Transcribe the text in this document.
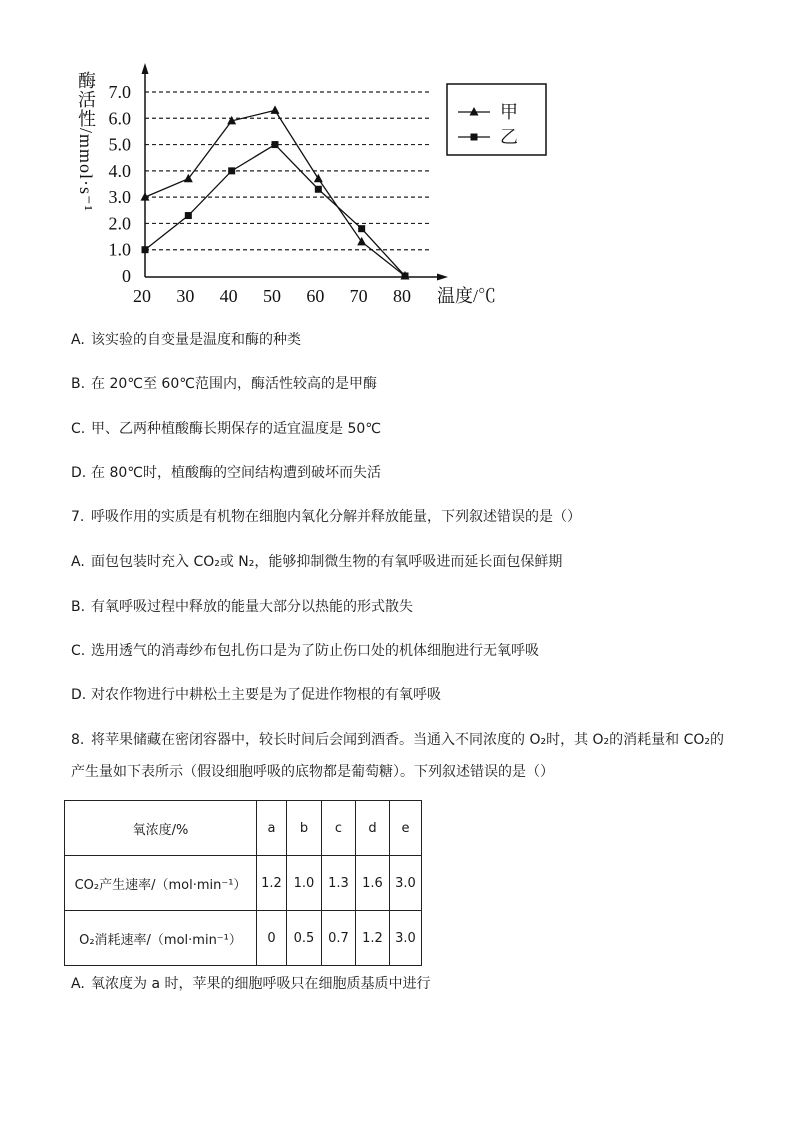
0
1.0
2.0
3.0
4.0
5.0
6.0
7.0
20 30 40 50 60 70 80 温度/℃
甲
乙
酶活性/mmol·s⁻¹
A. 该实验的自变量是温度和酶的种类
B. 在 20℃至 60℃范围内，酶活性较高的是甲酶
C. 甲、乙两种植酸酶长期保存的适宜温度是 50℃
D. 在 80℃时，植酸酶的空间结构遭到破坏而失活
7. 呼吸作用的实质是有机物在细胞内氧化分解并释放能量，下列叙述错误的是（）
A. 面包包装时充入 CO₂或 N₂，能够抑制微生物的有氧呼吸进而延长面包保鲜期
B. 有氧呼吸过程中释放的能量大部分以热能的形式散失
C. 选用透气的消毒纱布包扎伤口是为了防止伤口处的机体细胞进行无氧呼吸
D. 对农作物进行中耕松土主要是为了促进作物根的有氧呼吸
8. 将苹果储藏在密闭容器中，较长时间后会闻到酒香。当通入不同浓度的 O₂时，其 O₂的消耗量和 CO₂的
产生量如下表所示（假设细胞呼吸的底物都是葡萄糖）。下列叙述错误的是（）
氧浓度/%	a	b	c	d	e
CO₂产生速率/（mol·min⁻¹）	1.2	1.0	1.3	1.6	3.0
O₂消耗速率/（mol·min⁻¹）	0	0.5	0.7	1.2	3.0
A. 氧浓度为 a 时，苹果的细胞呼吸只在细胞质基质中进行
